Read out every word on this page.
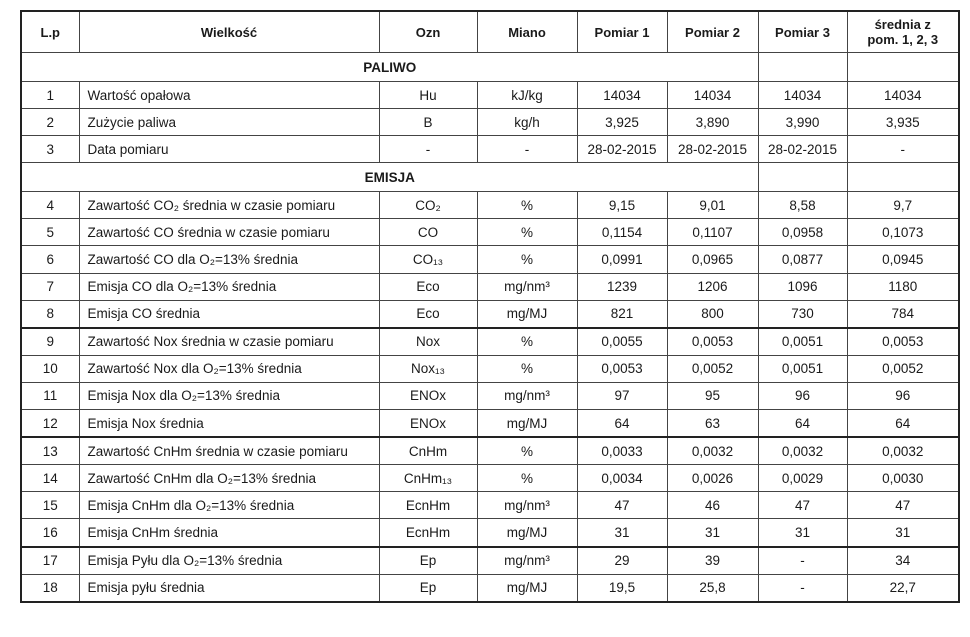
L.p	Wielkość	Ozn	Miano	Pomiar 1	Pomiar 2	Pomiar 3	średnia z
pom. 1, 2, 3
PALIWO							
1	Wartość opałowa	Hu	kJ/kg	14034	14034	14034	14034
2	Zużycie paliwa	B	kg/h	3,925	3,890	3,990	3,935
3	Data pomiaru	-	-	28-02-2015	28-02-2015	28-02-2015	-
EMISJA							
4	Zawartość CO₂ średnia w czasie pomiaru	CO₂	%	9,15	9,01	8,58	9,7
5	Zawartość CO średnia w czasie pomiaru	CO	%	0,1154	0,1107	0,0958	0,1073
6	Zawartość CO dla O₂=13% średnia	CO₁₃	%	0,0991	0,0965	0,0877	0,0945
7	Emisja CO dla O₂=13% średnia	Eco	mg/nm³	1239	1206	1096	1180
8	Emisja CO średnia	Eco	mg/MJ	821	800	730	784
9	Zawartość Nox średnia w czasie pomiaru	Nox	%	0,0055	0,0053	0,0051	0,0053
10	Zawartość Nox dla O₂=13% średnia	Nox₁₃	%	0,0053	0,0052	0,0051	0,0052
11	Emisja Nox dla O₂=13% średnia	ENOx	mg/nm³	97	95	96	96
12	Emisja Nox średnia	ENOx	mg/MJ	64	63	64	64
13	Zawartość CnHm średnia w czasie pomiaru	CnHm	%	0,0033	0,0032	0,0032	0,0032
14	Zawartość CnHm dla O₂=13% średnia	CnHm₁₃	%	0,0034	0,0026	0,0029	0,0030
15	Emisja CnHm dla O₂=13% średnia	EcnHm	mg/nm³	47	46	47	47
16	Emisja CnHm średnia	EcnHm	mg/MJ	31	31	31	31
17	Emisja Pyłu dla O₂=13% średnia	Ep	mg/nm³	29	39	-	34
18	Emisja pyłu średnia	Ep	mg/MJ	19,5	25,8	-	22,7
